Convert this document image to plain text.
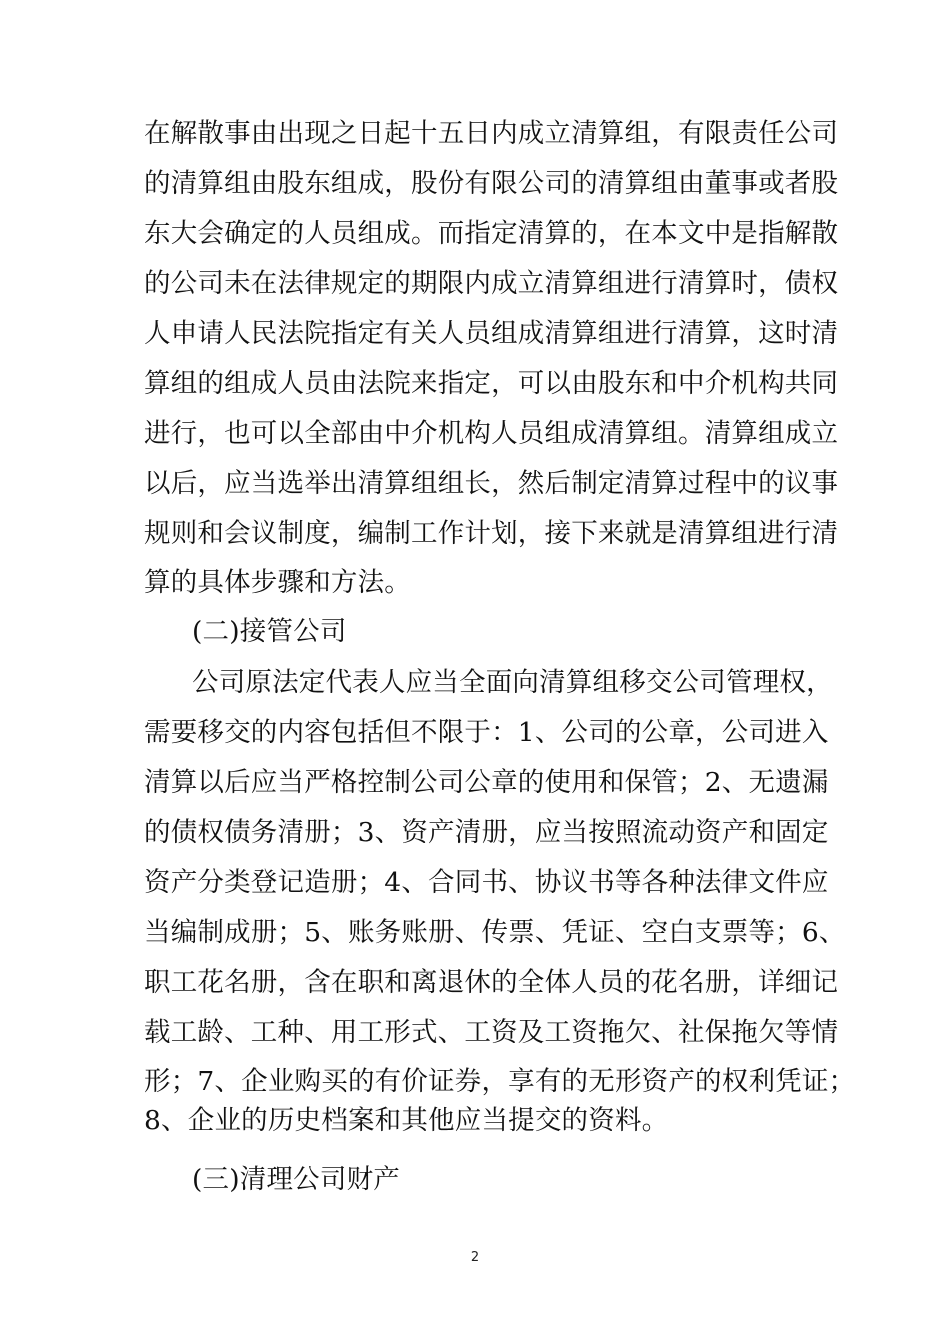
在解散事由出现之日起十五日内成立清算组，有限责任公司
的清算组由股东组成，股份有限公司的清算组由董事或者股
东大会确定的人员组成。而指定清算的，在本文中是指解散
的公司未在法律规定的期限内成立清算组进行清算时，债权
人申请人民法院指定有关人员组成清算组进行清算，这时清
算组的组成人员由法院来指定，可以由股东和中介机构共同
进行，也可以全部由中介机构人员组成清算组。清算组成立
以后，应当选举出清算组组长，然后制定清算过程中的议事
规则和会议制度，编制工作计划，接下来就是清算组进行清
算的具体步骤和方法。
(二)接管公司
公司原法定代表人应当全面向清算组移交公司管理权，
需要移交的内容包括但不限于：1、公司的公章，公司进入
清算以后应当严格控制公司公章的使用和保管；2、无遗漏
的债权债务清册；3、资产清册，应当按照流动资产和固定
资产分类登记造册；4、合同书、协议书等各种法律文件应
当编制成册；5、账务账册、传票、凭证、空白支票等；6、
职工花名册，含在职和离退休的全体人员的花名册，详细记
载工龄、工种、用工形式、工资及工资拖欠、社保拖欠等情
形；7、企业购买的有价证券，享有的无形资产的权利凭证；
8、企业的历史档案和其他应当提交的资料。
(三)清理公司财产
2
